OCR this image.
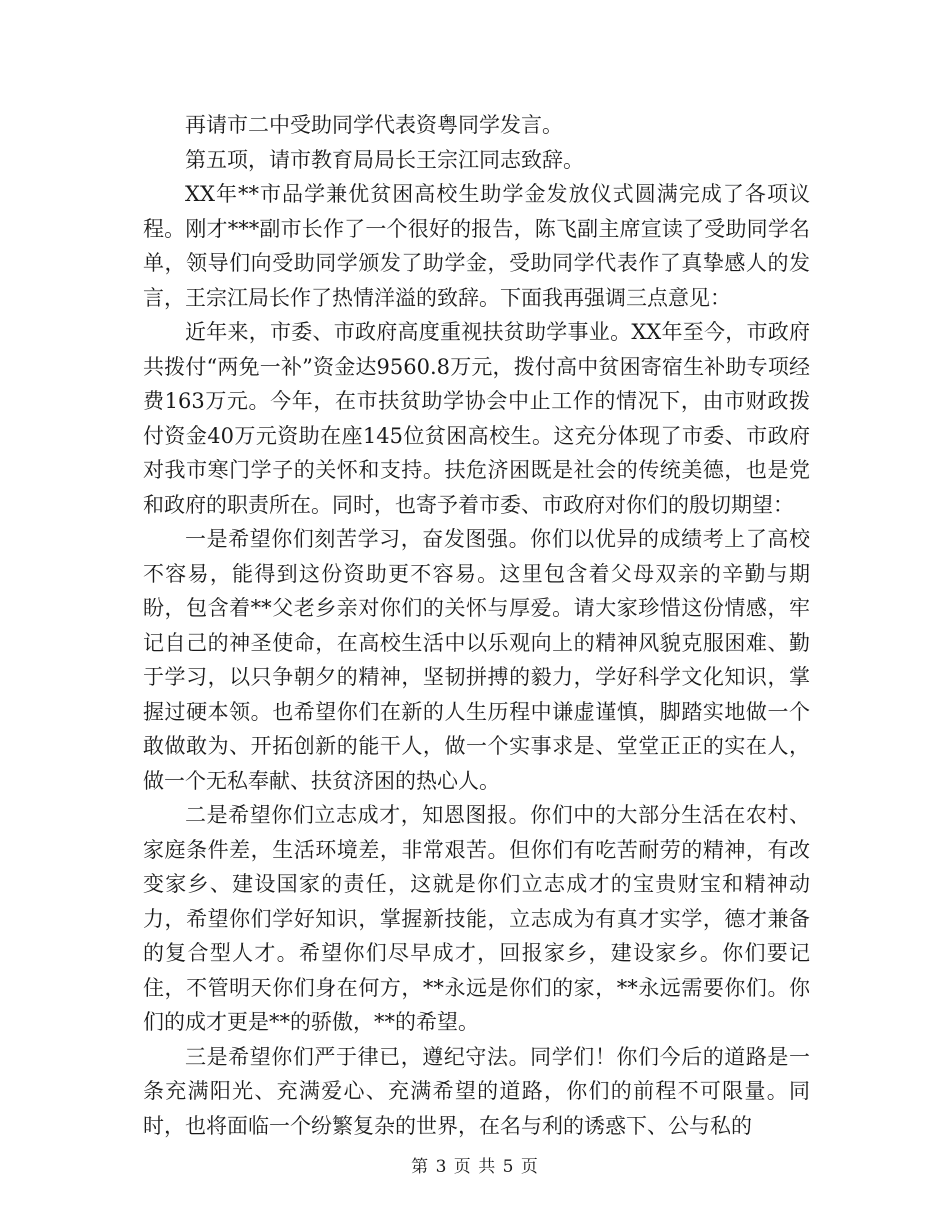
再请市二中受助同学代表资粤同学发言。

第五项，请市教育局局长王宗江同志致辞。

XX年**市品学兼优贫困高校生助学金发放仪式圆满完成了各项议程。刚才***副市长作了一个很好的报告，陈飞副主席宣读了受助同学名单，领导们向受助同学颁发了助学金，受助同学代表作了真挚感人的发言，王宗江局长作了热情洋溢的致辞。下面我再强调三点意见：

近年来，市委、市政府高度重视扶贫助学事业。XX年至今，市政府共拨付“两免一补”资金达9560.8万元，拨付高中贫困寄宿生补助专项经费163万元。今年，在市扶贫助学协会中止工作的情况下，由市财政拨付资金40万元资助在座145位贫困高校生。这充分体现了市委、市政府对我市寒门学子的关怀和支持。扶危济困既是社会的传统美德，也是党和政府的职责所在。同时，也寄予着市委、市政府对你们的殷切期望：

一是希望你们刻苦学习，奋发图强。你们以优异的成绩考上了高校不容易，能得到这份资助更不容易。这里包含着父母双亲的辛勤与期盼，包含着**父老乡亲对你们的关怀与厚爱。请大家珍惜这份情感，牢记自己的神圣使命，在高校生活中以乐观向上的精神风貌克服困难、勤于学习，以只争朝夕的精神，坚韧拼搏的毅力，学好科学文化知识，掌握过硬本领。也希望你们在新的人生历程中谦虚谨慎，脚踏实地做一个敢做敢为、开拓创新的能干人，做一个实事求是、堂堂正正的实在人，做一个无私奉献、扶贫济困的热心人。

二是希望你们立志成才，知恩图报。你们中的大部分生活在农村、家庭条件差，生活环境差，非常艰苦。但你们有吃苦耐劳的精神，有改变家乡、建设国家的责任，这就是你们立志成才的宝贵财宝和精神动力，希望你们学好知识，掌握新技能，立志成为有真才实学，德才兼备的复合型人才。希望你们尽早成才，回报家乡，建设家乡。你们要记住，不管明天你们身在何方，**永远是你们的家，**永远需要你们。你们的成才更是**的骄傲，**的希望。

三是希望你们严于律已，遵纪守法。同学们！你们今后的道路是一条充满阳光、充满爱心、充满希望的道路，你们的前程不可限量。同时，也将面临一个纷繁复杂的世界，在名与利的诱惑下、公与私的

第 3 页 共 5 页
